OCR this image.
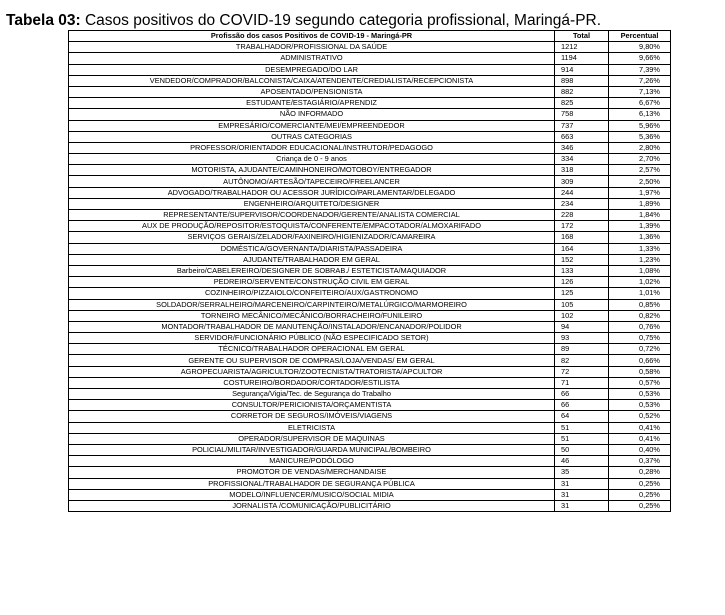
Tabela 03: Casos positivos do COVID-19 segundo categoria profissional, Maringá-PR.
Profissão dos casos Positivos de COVID-19 - Maringá-PR	Total	Percentual
TRABALHADOR/PROFISSIONAL DA SAÚDE	1212	9,80%
ADMINISTRATIVO	1194	9,66%
DESEMPREGADO/DO LAR	914	7,39%
VENDEDOR/COMPRADOR/BALCONISTA/CAIXA/ATENDENTE/CREDIALISTA/RECEPCIONISTA	898	7,26%
APOSENTADO/PENSIONISTA	882	7,13%
ESTUDANTE/ESTAGIÁRIO/APRENDIZ	825	6,67%
NÃO INFORMADO	758	6,13%
EMPRESÁRIO/COMERCIANTE/MEI/EMPREENDEDOR	737	5,96%
OUTRAS CATEGORIAS	663	5,36%
PROFESSOR/ORIENTADOR EDUCACIONAL/INSTRUTOR/PEDAGOGO	346	2,80%
Criança de 0 - 9 anos	334	2,70%
MOTORISTA, AJUDANTE/CAMINHONEIRO/MOTOBOY/ENTREGADOR	318	2,57%
AUTÔNOMO/ARTESÃO/TAPECEIRO/FREELANCER	309	2,50%
ADVOGADO/TRABALHADOR OU ACESSOR JURÍDICO/PARLAMENTAR/DELEGADO	244	1,97%
ENGENHEIRO/ARQUITETO/DESIGNER	234	1,89%
REPRESENTANTE/SUPERVISOR/COORDENADOR/GERENTE/ANALISTA COMERCIAL	228	1,84%
AUX DE PRODUÇÃO/REPOSITOR/ESTOQUISTA/CONFERENTE/EMPACOTADOR/ALMOXARIFADO	172	1,39%
SERVIÇOS GERAIS/ZELADOR/FAXINEIRO/HIGIENIZADOR/CAMAREIRA	168	1,36%
DOMÉSTICA/GOVERNANTA/DIARISTA/PASSADEIRA	164	1,33%
AJUDANTE/TRABALHADOR EM GERAL	152	1,23%
Barbeiro/CABELEREIRO/DESIGNER DE SOBRAB./ ESTETICISTA/MAQUIADOR	133	1,08%
PEDREIRO/SERVENTE/CONSTRUÇÃO CIVIL EM GERAL	126	1,02%
COZINHEIRO/PIZZAIOLO/CONFEITEIRO/AUX/GASTRONOMO	125	1,01%
SOLDADOR/SERRALHEIRO/MARCENEIRO/CARPINTEIRO/METALÚRGICO/MARMOREIRO	105	0,85%
TORNEIRO MECÂNICO/MECÂNICO/BORRACHEIRO/FUNILEIRO	102	0,82%
MONTADOR/TRABALHADOR DE MANUTENÇÃO/INSTALADOR/ENCANADOR/POLIDOR	94	0,76%
SERVIDOR/FUNCIONÁRIO PÚBLICO (NÃO ESPECIFICADO SETOR)	93	0,75%
TÉCNICO/TRABALHADOR OPERACIONAL EM GERAL	89	0,72%
GERENTE OU SUPERVISOR DE COMPRAS/LOJA/VENDAS/ EM GERAL	82	0,66%
AGROPECUARISTA/AGRICULTOR/ZOOTECNISTA/TRATORISTA/APCULTOR	72	0,58%
COSTUREIRO/BORDADOR/CORTADOR/ESTILISTA	71	0,57%
Segurança/Vigia/Tec. de Segurança do Trabalho	66	0,53%
CONSULTOR/PERICIONISTA/ORÇAMENTISTA	66	0,53%
CORRETOR DE SEGUROS/IMÓVEIS/VIAGENS	64	0,52%
ELETRICISTA	51	0,41%
OPERADOR/SUPERVISOR DE MAQUINAS	51	0,41%
POLICIAL/MILITAR/INVESTIGADOR/GUARDA MUNICIPAL/BOMBEIRO	50	0,40%
MANICURE/PODÓLOGO	46	0,37%
PROMOTOR DE VENDAS/MERCHANDAISE	35	0,28%
PROFISSIONAL/TRABALHADOR DE SEGURANÇA PÚBLICA	31	0,25%
MODELO/INFLUENCER/MUSICO/SOCIAL MIDIA	31	0,25%
JORNALISTA /COMUNICAÇÃO/PUBLICITÁRIO	31	0,25%
